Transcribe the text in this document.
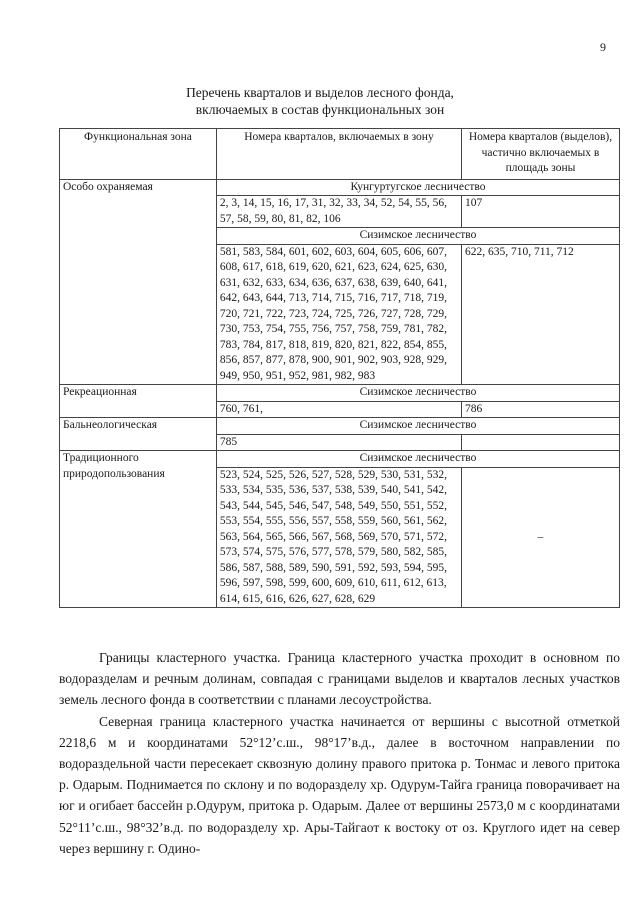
9
Перечень кварталов и выделов лесного фонда,
включаемых в состав функциональных зон
Функциональная зона	Номера кварталов, включаемых в зону	Номера кварталов (выделов), частично включаемых в площадь зоны
Особо охраняемая	Кунгуртугское лесничество	
	2, 3, 14, 15, 16, 17, 31, 32, 33, 34, 52, 54, 55, 56, 57, 58, 59, 80, 81, 82, 106	107
	Сизимское лесничество	
	581, 583, 584, 601, 602, 603, 604, 605, 606, 607, 608, 617, 618, 619, 620, 621, 623, 624, 625, 630, 631, 632, 633, 634, 636, 637, 638, 639, 640, 641, 642, 643, 644, 713, 714, 715, 716, 717, 718, 719, 720, 721, 722, 723, 724, 725, 726, 727, 728, 729, 730, 753, 754, 755, 756, 757, 758, 759, 781, 782, 783, 784, 817, 818, 819, 820, 821, 822, 854, 855, 856, 857, 877, 878, 900, 901, 902, 903, 928, 929, 949, 950, 951, 952, 981, 982, 983	622, 635, 710, 711, 712
Рекреационная	Сизимское лесничество	
	760, 761,	786
Бальнеологическая	Сизимское лесничество	
	785	
Традиционного природопользования	Сизимское лесничество	
	523, 524, 525, 526, 527, 528, 529, 530, 531, 532, 533, 534, 535, 536, 537, 538, 539, 540, 541, 542, 543, 544, 545, 546, 547, 548, 549, 550, 551, 552, 553, 554, 555, 556, 557, 558, 559, 560, 561, 562, 563, 564, 565, 566, 567, 568, 569, 570, 571, 572, 573, 574, 575, 576, 577, 578, 579, 580, 582, 585, 586, 587, 588, 589, 590, 591, 592, 593, 594, 595, 596, 597, 598, 599, 600, 609, 610, 611, 612, 613, 614, 615, 616, 626, 627, 628, 629	–

Границы кластерного участка. Граница кластерного участка проходит в основном по водоразделам и речным долинам, совпадая с границами выделов и кварталов лесных участков земель лесного фонда в соответствии с планами лесоустройства.

Северная граница кластерного участка начинается от вершины с высотной отметкой 2218,6 м и координатами 52°12’с.ш., 98°17’в.д., далее в восточном направлении по водораздельной части пересекает сквозную долину правого притока р. Тонмас и левого притока р. Одарым. Поднимается по склону и по водоразделу хр. Одурум-Тайга граница поворачивает на юг и огибает бассейн р.Одурум, притока р. Одарым. Далее от вершины 2573,0 м с координатами 52°11’с.ш., 98°32’в.д. по водоразделу хр. Ары-Тайгаот к востоку от оз. Круглого идет на север через вершину г. Одино-
